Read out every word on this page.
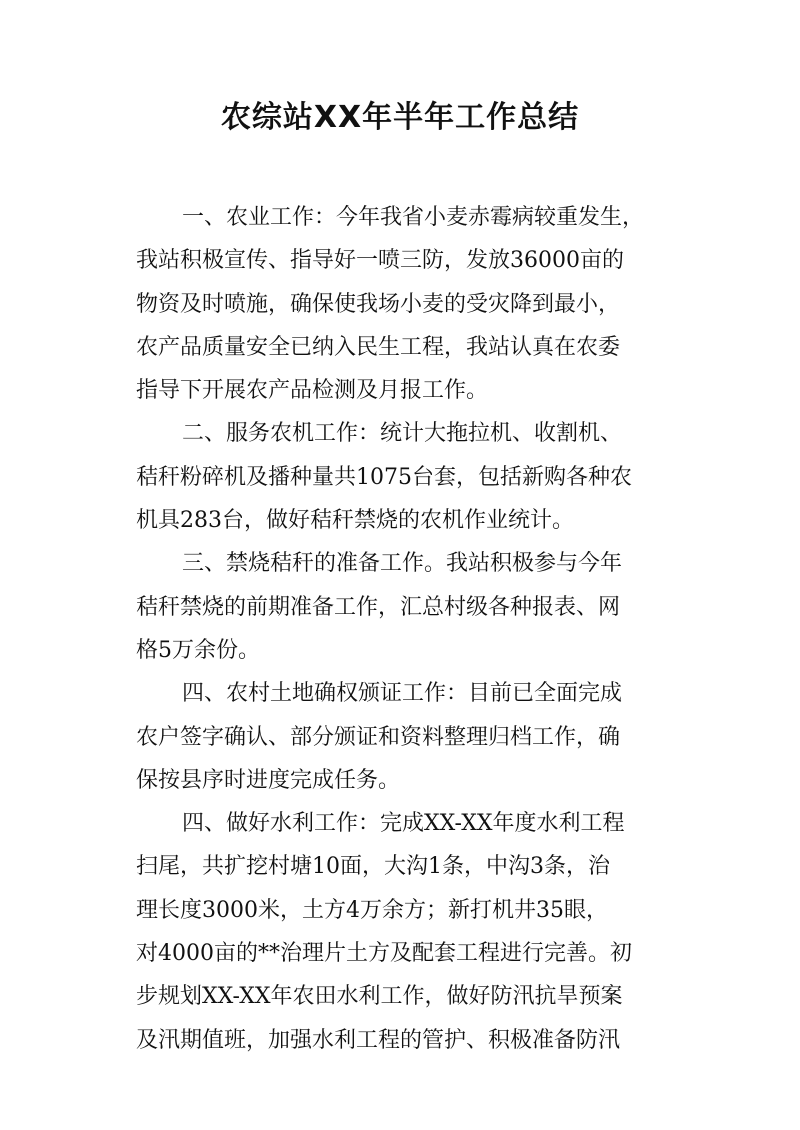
农综站XX年半年工作总结
一、农业工作：今年我省小麦赤霉病较重发生，
我站积极宣传、指导好一喷三防，发放36000亩的
物资及时喷施，确保使我场小麦的受灾降到最小，
农产品质量安全已纳入民生工程，我站认真在农委
指导下开展农产品检测及月报工作。
二、服务农机工作：统计大拖拉机、收割机、
秸秆粉碎机及播种量共1075台套，包括新购各种农
机具283台，做好秸秆禁烧的农机作业统计。
三、禁烧秸秆的准备工作。我站积极参与今年
秸秆禁烧的前期准备工作，汇总村级各种报表、网
格5万余份。
四、农村土地确权颁证工作：目前已全面完成
农户签字确认、部分颁证和资料整理归档工作，确
保按县序时进度完成任务。
四、做好水利工作：完成XX-XX年度水利工程
扫尾，共扩挖村塘10面，大沟1条，中沟3条，治
理长度3000米，土方4万余方；新打机井35眼，
对4000亩的**治理片土方及配套工程进行完善。初
步规划XX-XX年农田水利工作，做好防汛抗旱预案
及汛期值班，加强水利工程的管护、积极准备防汛
